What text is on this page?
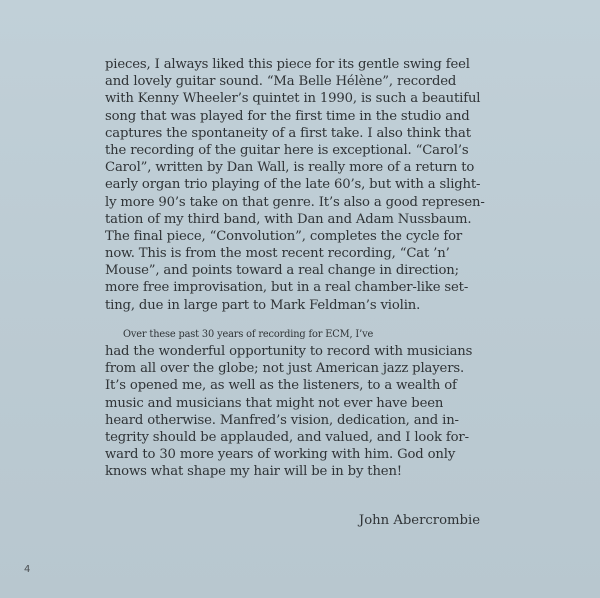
pieces, I always liked this piece for its gentle swing feel
and lovely guitar sound. “Ma Belle Hélène”, recorded
with Kenny Wheeler’s quintet in 1990, is such a beautiful
song that was played for the first time in the studio and
captures the spontaneity of a first take. I also think that
the recording of the guitar here is exceptional. “Carol’s
Carol”, written by Dan Wall, is really more of a return to
early organ trio playing of the late 60’s, but with a slight-
ly more 90’s take on that genre. It’s also a good represen-
tation of my third band, with Dan and Adam Nussbaum.
The final piece, “Convolution”, completes the cycle for
now. This is from the most recent recording, “Cat ’n’
Mouse”, and points toward a real change in direction;
more free improvisation, but in a real chamber-like set-
ting, due in large part to Mark Feldman’s violin.
Over these past 30 years of recording for ECM, I’ve
had the wonderful opportunity to record with musicians
from all over the globe; not just American jazz players.
It’s opened me, as well as the listeners, to a wealth of
music and musicians that might not ever have been
heard otherwise. Manfred’s vision, dedication, and in-
tegrity should be applauded, and valued, and I look for-
ward to 30 more years of working with him. God only
knows what shape my hair will be in by then!
John Abercrombie
4
